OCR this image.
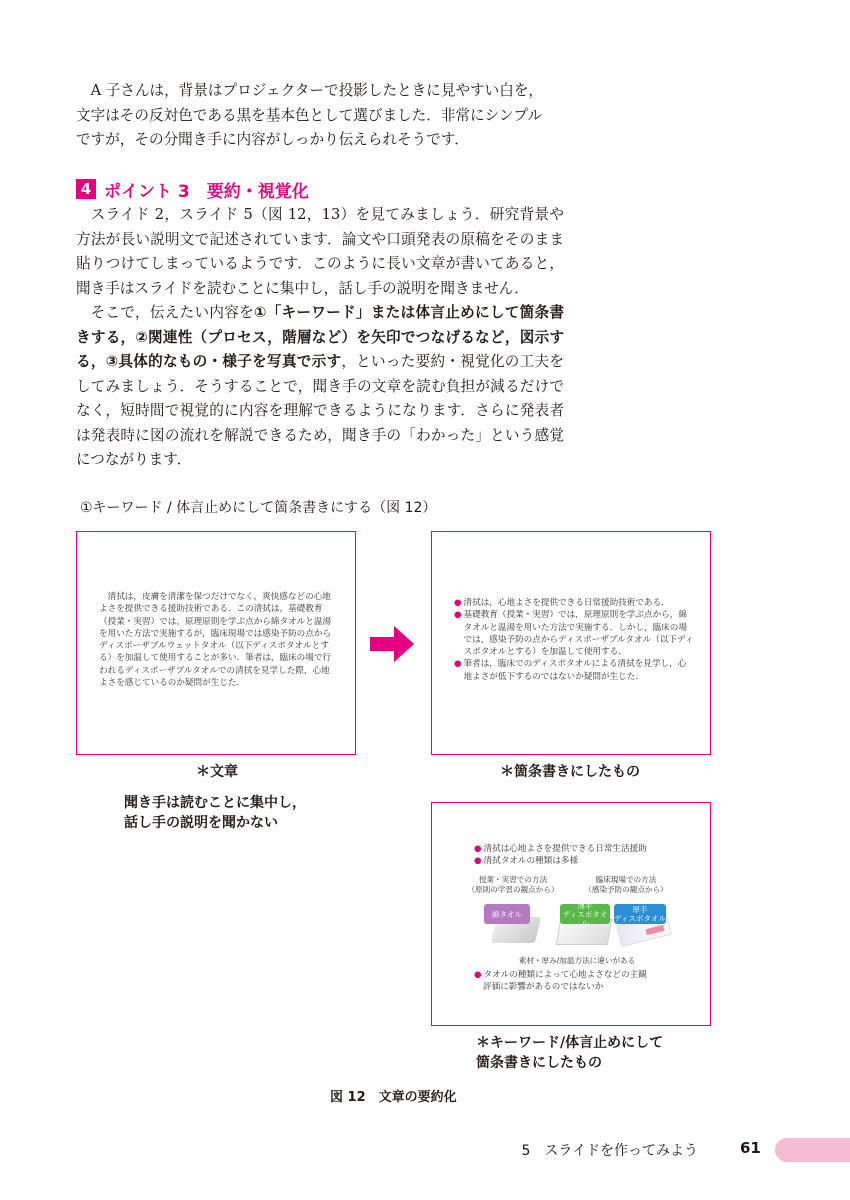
A 子さんは，背景はプロジェクターで投影したときに見やすい白を，

文字はその反対色である黒を基本色として選びました．非常にシンプル

ですが，その分聞き手に内容がしっかり伝えられそうです．

4 ポイント 3　要約・視覚化

スライド 2，スライド 5（図 12，13）を見てみましょう．研究背景や方法が長い説明文で記述されています．論文や口頭発表の原稿をそのまま貼りつけてしまっているようです．このように長い文章が書いてあると，聞き手はスライドを読むことに集中し，話し手の説明を聞きません．

そこで，伝えたい内容を①「キーワード」または体言止めにして箇条書きする，②関連性（プロセス，階層など）を矢印でつなげるなど，図示する，③具体的なもの・様子を写真で示す，といった要約・視覚化の工夫をしてみましょう．そうすることで，聞き手の文章を読む負担が減るだけでなく，短時間で視覚的に内容を理解できるようになります．さらに発表者は発表時に図の流れを解説できるため，聞き手の「わかった」という感覚につながります．

①キーワード / 体言止めにして箇条書きにする（図 12）
清拭は，皮膚を清潔を保つだけでなく，爽快感などの心地よさを提供できる援助技術である．この清拭は，基礎教育（授業・実習）では，原理原則を学ぶ点から綿タオルと温湯を用いた方法で実施するが，臨床現場では感染予防の点からディスポーザブルウェットタオル（以下ディスポタオルとする）を加温して使用することが多い．筆者は，臨床の場で行われるディスポーザブルタオルでの清拭を見学した際，心地よさを感じているのか疑問が生じた．
＊文章
聞き手は読むことに集中し，
話し手の説明を聞かない
● 清拭は，心地よさを提供できる日常援助技術である．
● 基礎教育（授業・実習）では，原理原則を学ぶ点から，綿タオルと温湯を用いた方法で実施する．しかし，臨床の場では，感染予防の点からディスポーザブルタオル（以下ディスポタオルとする）を加温して使用する．
● 筆者は，臨床でのディスポタオルによる清拭を見学し，心地よさが低下するのではないか疑問が生じた．
＊箇条書きにしたもの
● 清拭は心地よさを提供できる日常生活援助
● 清拭タオルの種類は多様
授業・実習での方法
（原則の学習の観点から）
臨床現場での方法
（感染予防の観点から）
綿タオル
薄手
ディスポタオル
厚手
ディスポタオル
素材・厚み/加温方法に違いがある
● タオルの種類によって心地よさなどの主観
評価に影響があるのではないか
＊キーワード/体言止めにして
箇条書きにしたもの
図 12　文章の要約化
5　スライドを作ってみよう	61
